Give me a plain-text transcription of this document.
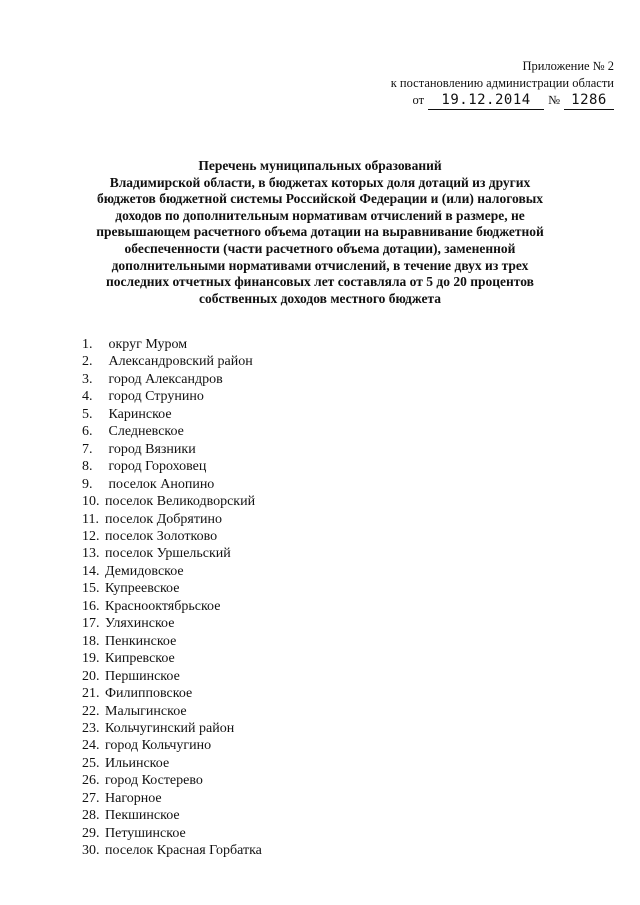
Приложение № 2
к постановлению администрации области
от	19.12.2014	№ 1286
Перечень муниципальных образований
Владимирской области, в бюджетах которых доля дотаций из других
бюджетов бюджетной системы Российской Федерации и (или) налоговых
доходов по дополнительным нормативам отчислений в размере, не
превышающем расчетного объема дотации на выравнивание бюджетной
обеспеченности (части расчетного объема дотации), замененной
дополнительными нормативами отчислений, в течение двух из трех
последних отчетных финансовых лет составляла от 5 до 20 процентов
собственных доходов местного бюджета
1.
	округ Муром
2.
	Александровский район
3.
	город Александров
4.
	город Струнино
5.
	Каринское
6.
	Следневское
7.
	город Вязники
8.
	город Гороховец
9.
	поселок Анопино
10. поселок Великодворский
11. поселок Добрятино
12. поселок Золотково
13. поселок Уршельский
14. Демидовское
15. Купреевское
16. Краснооктябрьское
17. Уляхинское
18. Пенкинское
19. Кипревское
20. Першинское
21. Филипповское
22. Малыгинское
23. Кольчугинский район
24. город Кольчугино
25. Ильинское
26. город Костерево
27. Нагорное
28. Пекшинское
29. Петушинское
30. поселок Красная Горбатка
